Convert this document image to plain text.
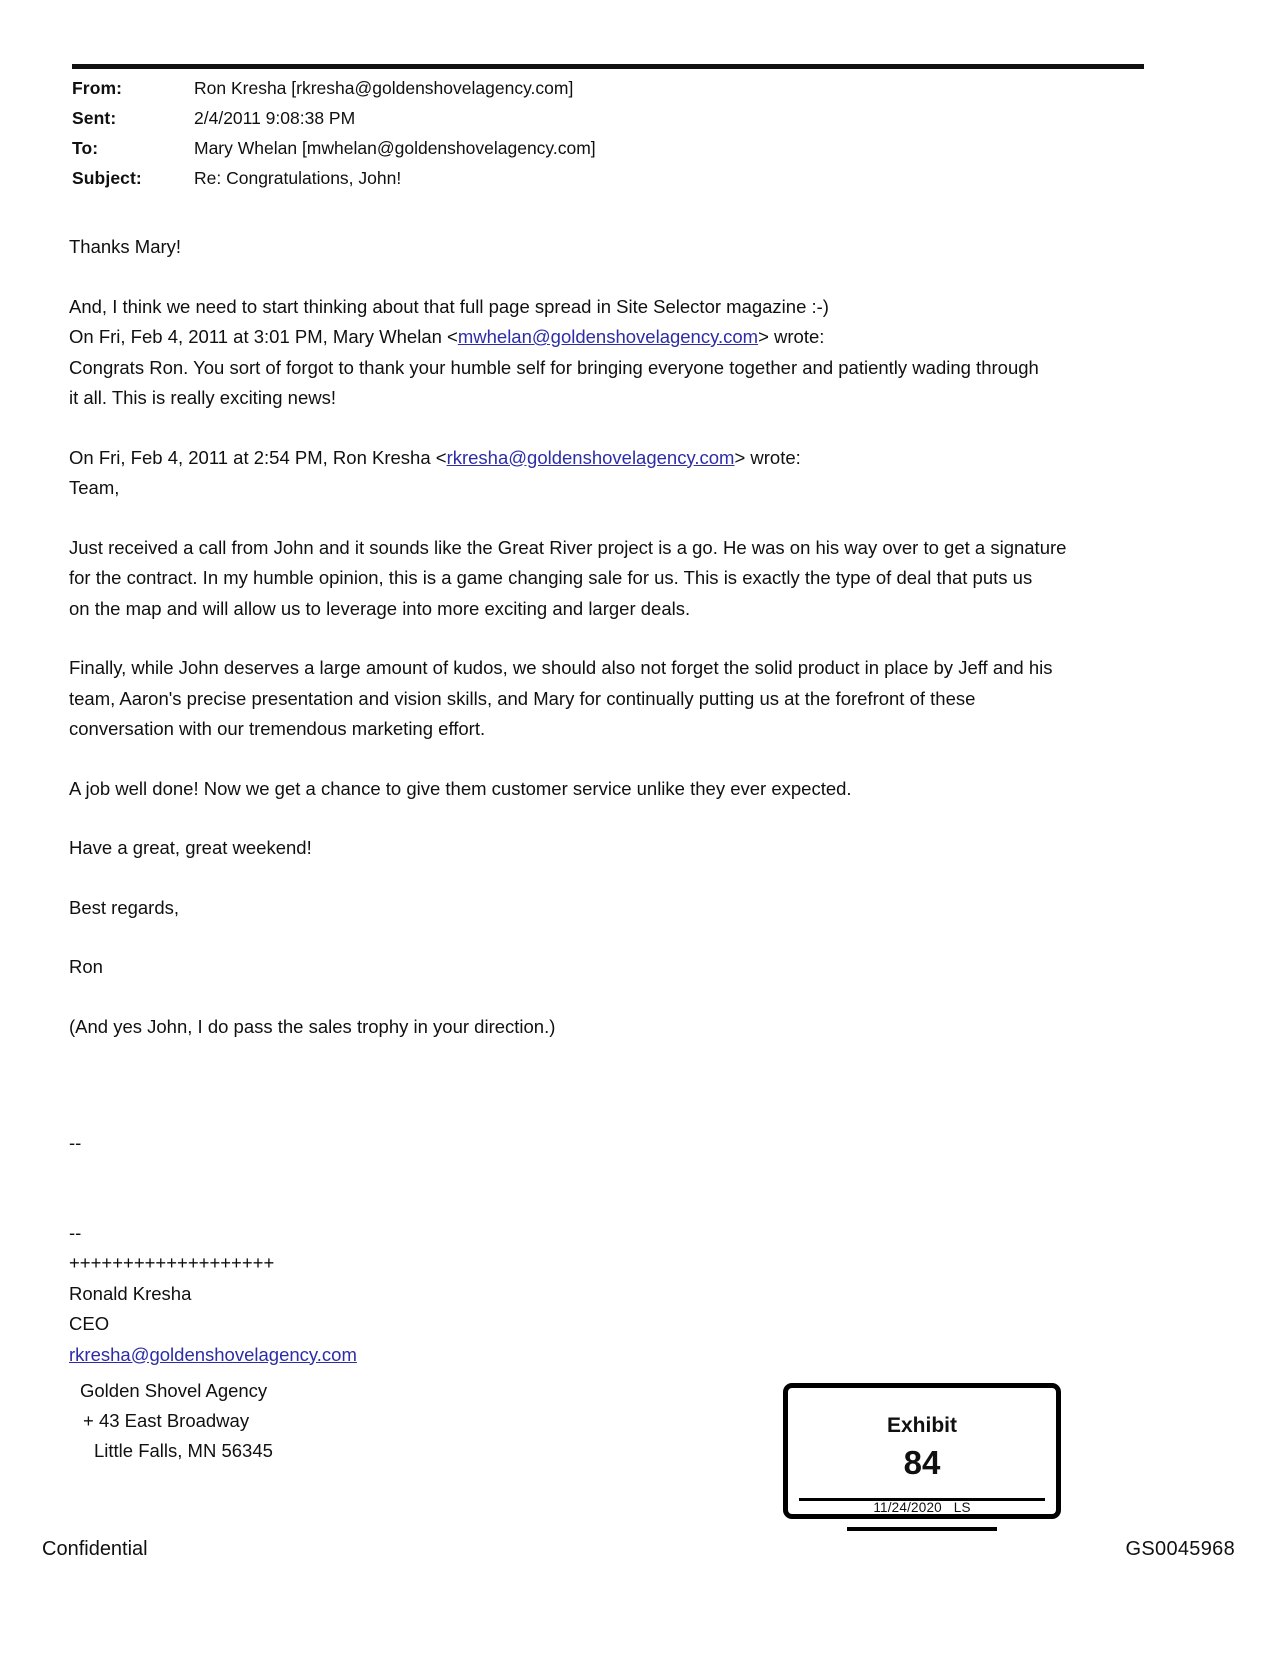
From:	Ron Kresha [rkresha@goldenshovelagency.com]
Sent:	2/4/2011 9:08:38 PM
To:	Mary Whelan [mwhelan@goldenshovelagency.com]
Subject:	Re: Congratulations, John!

Thanks Mary!

And, I think we need to start thinking about that full page spread in Site Selector magazine :-)
On Fri, Feb 4, 2011 at 3:01 PM, Mary Whelan <mwhelan@goldenshovelagency.com> wrote:
Congrats Ron. You sort of forgot to thank your humble self for bringing everyone together and patiently wading through
it all. This is really exciting news!

On Fri, Feb 4, 2011 at 2:54 PM, Ron Kresha <rkresha@goldenshovelagency.com> wrote:
Team,

Just received a call from John and it sounds like the Great River project is a go. He was on his way over to get a signature
for the contract. In my humble opinion, this is a game changing sale for us. This is exactly the type of deal that puts us
on the map and will allow us to leverage into more exciting and larger deals.

Finally, while John deserves a large amount of kudos, we should also not forget the solid product in place by Jeff and his
team, Aaron's precise presentation and vision skills, and Mary for continually putting us at the forefront of these
conversation with our tremendous marketing effort.

A job well done! Now we get a chance to give them customer service unlike they ever expected.

Have a great, great weekend!

Best regards,

Ron

(And yes John, I do pass the sales trophy in your direction.)

--
--
+++++++++++++++++++
Ronald Kresha
CEO
rkresha@goldenshovelagency.com
Golden Shovel Agency
+ 43 East Broadway
Little Falls, MN 56345
Exhibit
84
11/24/2020 LS
Confidential	GS0045968
